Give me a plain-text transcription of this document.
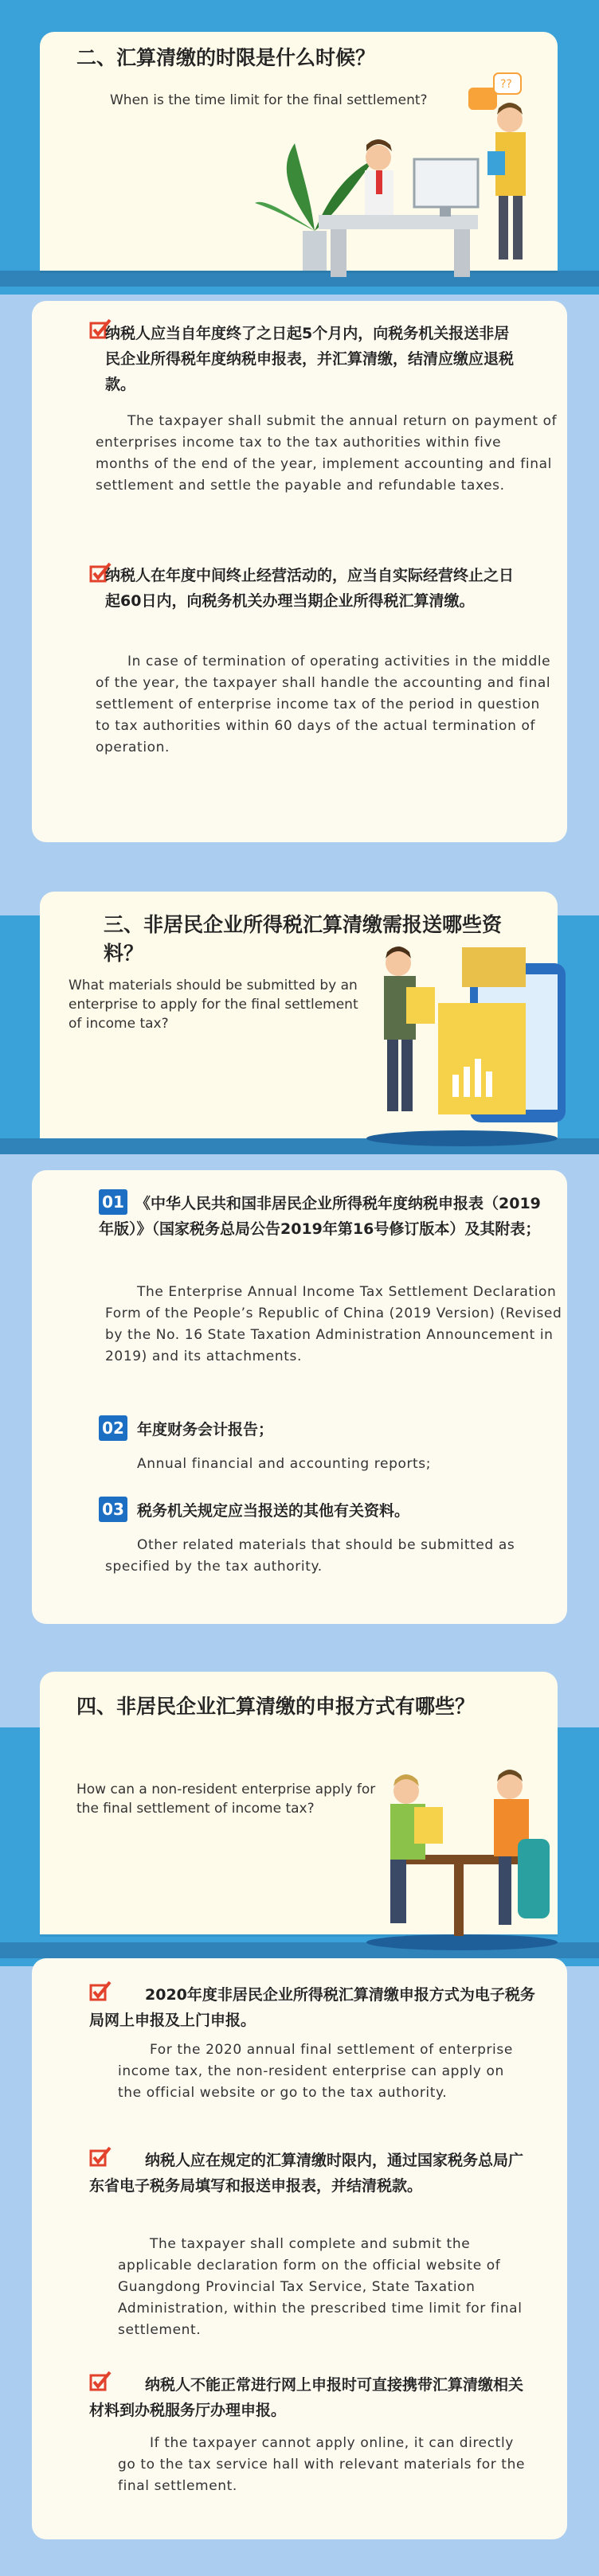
二、汇算清缴的时限是什么时候？
When is the time limit for the final settlement?
??
纳税人应当自年度终了之日起5个月内，向税务机关报送非居民企业所得税年度纳税申报表，并汇算清缴，结清应缴应退税款。
The taxpayer shall submit the annual return on payment of enterprises income tax to the tax authorities within five months of the end of the year, implement accounting and final settlement and settle the payable and refundable taxes.
纳税人在年度中间终止经营活动的，应当自实际经营终止之日起60日内，向税务机关办理当期企业所得税汇算清缴。
In case of termination of operating activities in the middle of the year, the taxpayer shall handle the accounting and final settlement of enterprise income tax of the period in question to tax authorities within 60 days of the actual termination of operation.
三、非居民企业所得税汇算清缴需报送哪些资料？
What materials should be submitted by an enterprise to apply for the final settlement of income tax?
01 《中华人民共和国非居民企业所得税年度纳税申报表（2019年版）》（国家税务总局公告2019年第16号修订版本）及其附表；
The Enterprise Annual Income Tax Settlement Declaration Form of the People’s Republic of China (2019 Version) (Revised by the No. 16 State Taxation Administration Announcement in 2019) and its attachments.
02 年度财务会计报告；
Annual financial and accounting reports;
03 税务机关规定应当报送的其他有关资料。
Other related materials that should be submitted as specified by the tax authority.
四、非居民企业汇算清缴的申报方式有哪些？
How can a non-resident enterprise apply for the final settlement of income tax?
2020年度非居民企业所得税汇算清缴申报方式为电子税务局网上申报及上门申报。
For the 2020 annual final settlement of enterprise income tax, the non-resident enterprise can apply on the official website or go to the tax authority.
纳税人应在规定的汇算清缴时限内，通过国家税务总局广东省电子税务局填写和报送申报表，并结清税款。
The taxpayer shall complete and submit the applicable declaration form on the official website of Guangdong Provincial Tax Service, State Taxation Administration, within the prescribed time limit for final settlement.
纳税人不能正常进行网上申报时可直接携带汇算清缴相关材料到办税服务厅办理申报。
If the taxpayer cannot apply online, it can directly go to the tax service hall with relevant materials for the final settlement.
